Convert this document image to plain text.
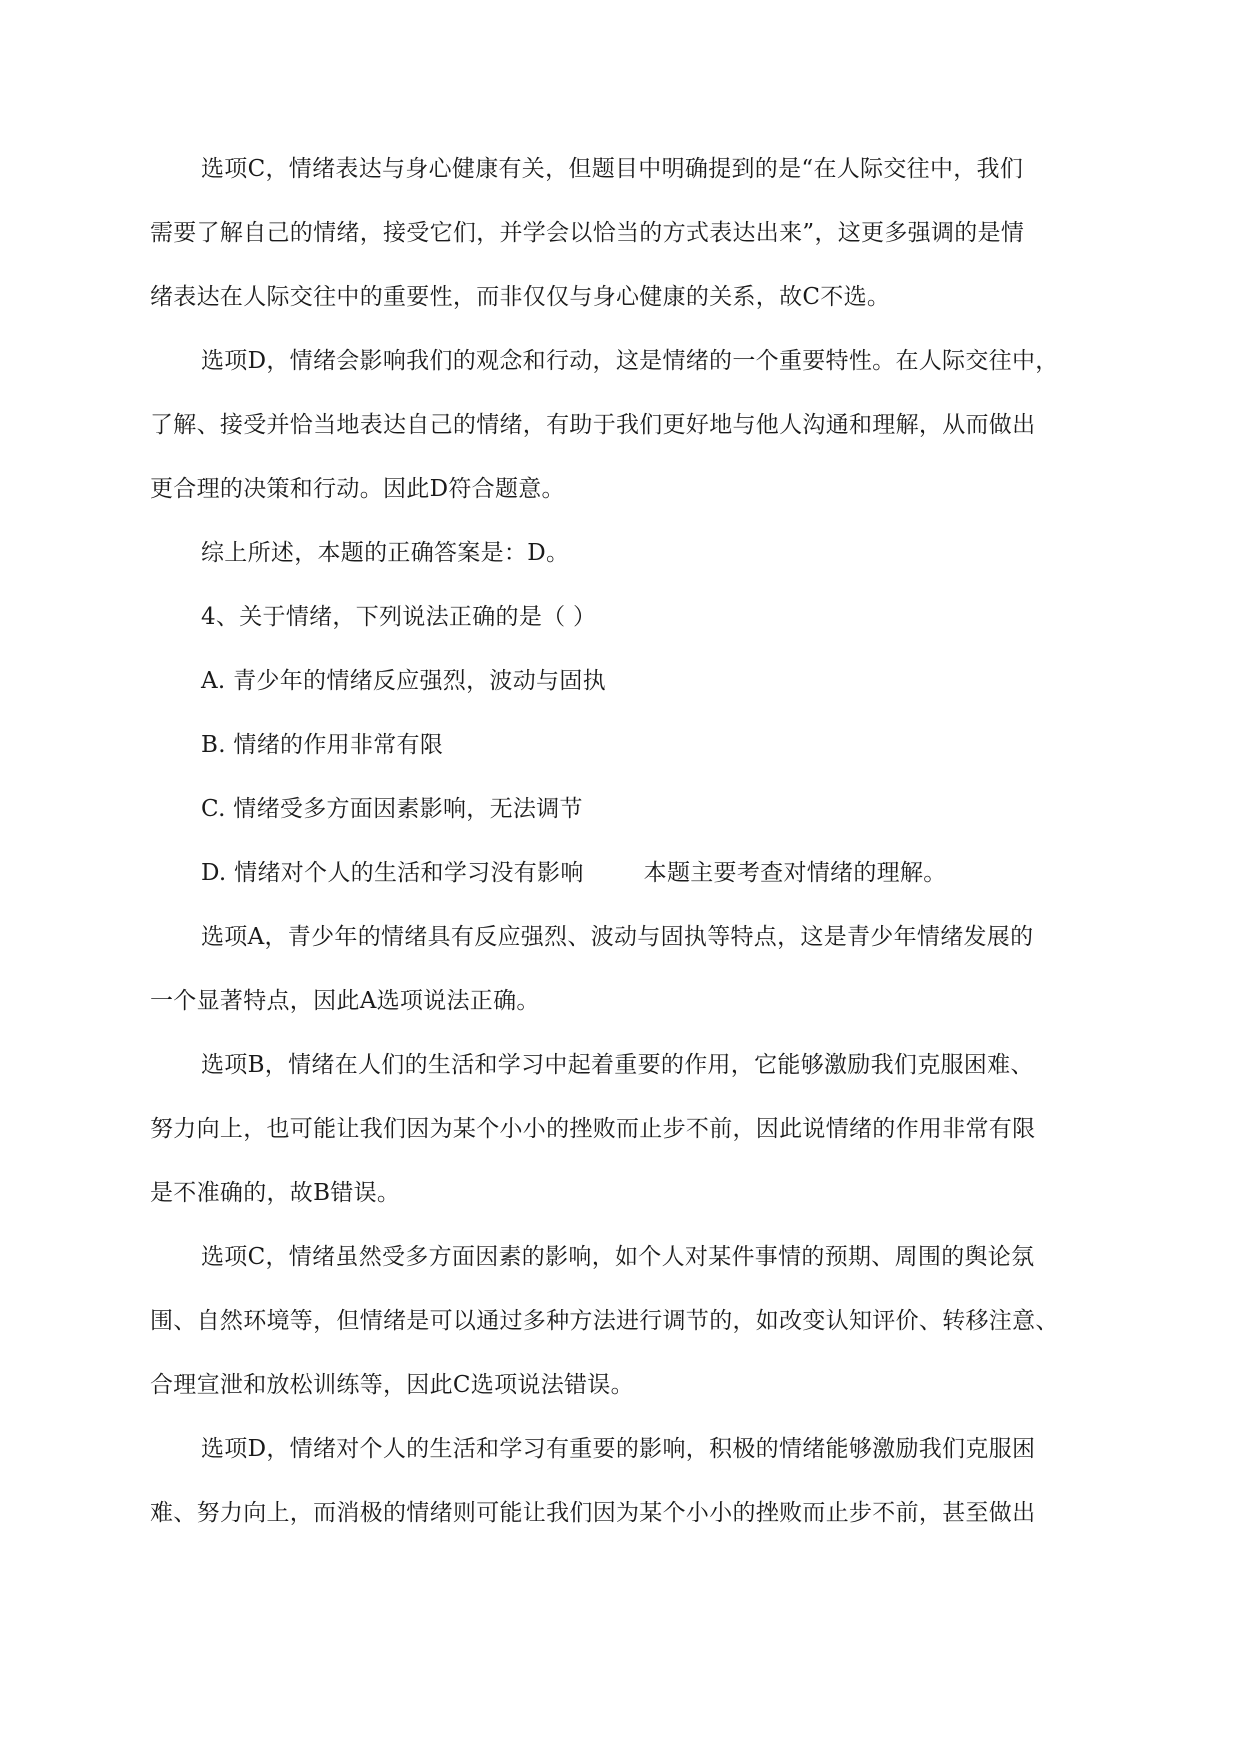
选项C，情绪表达与身心健康有关，但题目中明确提到的是“在人际交往中，我们
需要了解自己的情绪，接受它们，并学会以恰当的方式表达出来”，这更多强调的是情
绪表达在人际交往中的重要性，而非仅仅与身心健康的关系，故C不选。
选项D，情绪会影响我们的观念和行动，这是情绪的一个重要特性。在人际交往中，
了解、接受并恰当地表达自己的情绪，有助于我们更好地与他人沟通和理解，从而做出
更合理的决策和行动。因此D符合题意。
综上所述，本题的正确答案是：D。
4、关于情绪，下列说法正确的是（ ）
A. 青少年的情绪反应强烈，波动与固执
B. 情绪的作用非常有限
C. 情绪受多方面因素影响，无法调节
D. 情绪对个人的生活和学习没有影响	本题主要考查对情绪的理解。
选项A，青少年的情绪具有反应强烈、波动与固执等特点，这是青少年情绪发展的
一个显著特点，因此A选项说法正确。
选项B，情绪在人们的生活和学习中起着重要的作用，它能够激励我们克服困难、
努力向上，也可能让我们因为某个小小的挫败而止步不前，因此说情绪的作用非常有限
是不准确的，故B错误。
选项C，情绪虽然受多方面因素的影响，如个人对某件事情的预期、周围的舆论氛
围、自然环境等，但情绪是可以通过多种方法进行调节的，如改变认知评价、转移注意、
合理宣泄和放松训练等，因此C选项说法错误。
选项D，情绪对个人的生活和学习有重要的影响，积极的情绪能够激励我们克服困
难、努力向上，而消极的情绪则可能让我们因为某个小小的挫败而止步不前，甚至做出
